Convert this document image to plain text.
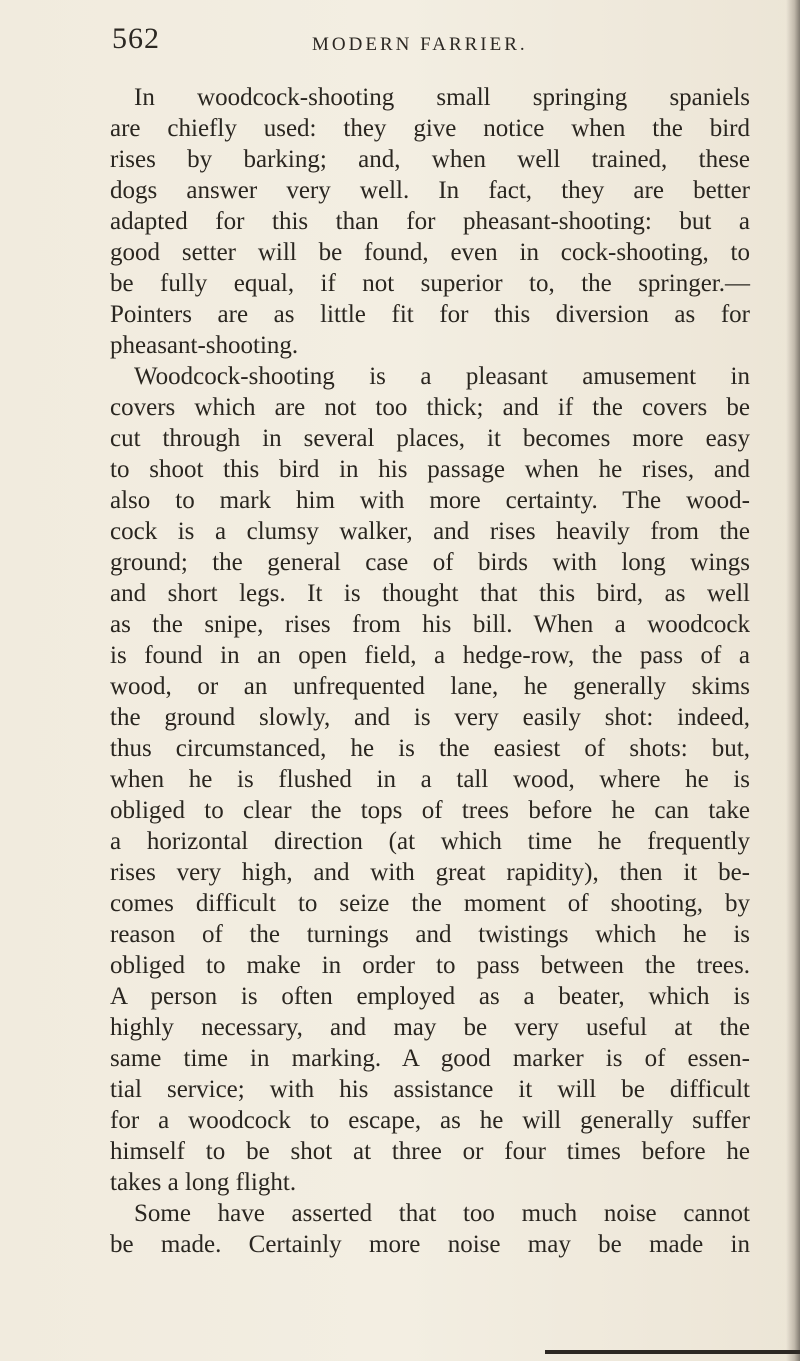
562	MODERN FARRIER.
In woodcock-shooting small springing spaniels
are chiefly used: they give notice when the bird
rises by barking; and, when well trained, these
dogs answer very well. In fact, they are better
adapted for this than for pheasant-shooting: but a
good setter will be found, even in cock-shooting, to
be fully equal, if not superior to, the springer.—
Pointers are as little fit for this diversion as for
pheasant-shooting.
Woodcock-shooting is a pleasant amusement in
covers which are not too thick; and if the covers be
cut through in several places, it becomes more easy
to shoot this bird in his passage when he rises, and
also to mark him with more certainty. The wood-
cock is a clumsy walker, and rises heavily from the
ground; the general case of birds with long wings
and short legs. It is thought that this bird, as well
as the snipe, rises from his bill. When a woodcock
is found in an open field, a hedge-row, the pass of a
wood, or an unfrequented lane, he generally skims
the ground slowly, and is very easily shot: indeed,
thus circumstanced, he is the easiest of shots: but,
when he is flushed in a tall wood, where he is
obliged to clear the tops of trees before he can take
a horizontal direction (at which time he frequently
rises very high, and with great rapidity), then it be-
comes difficult to seize the moment of shooting, by
reason of the turnings and twistings which he is
obliged to make in order to pass between the trees.
A person is often employed as a beater, which is
highly necessary, and may be very useful at the
same time in marking. A good marker is of essen-
tial service; with his assistance it will be difficult
for a woodcock to escape, as he will generally suffer
himself to be shot at three or four times before he
takes a long flight.
Some have asserted that too much noise cannot
be made. Certainly more noise may be made in
